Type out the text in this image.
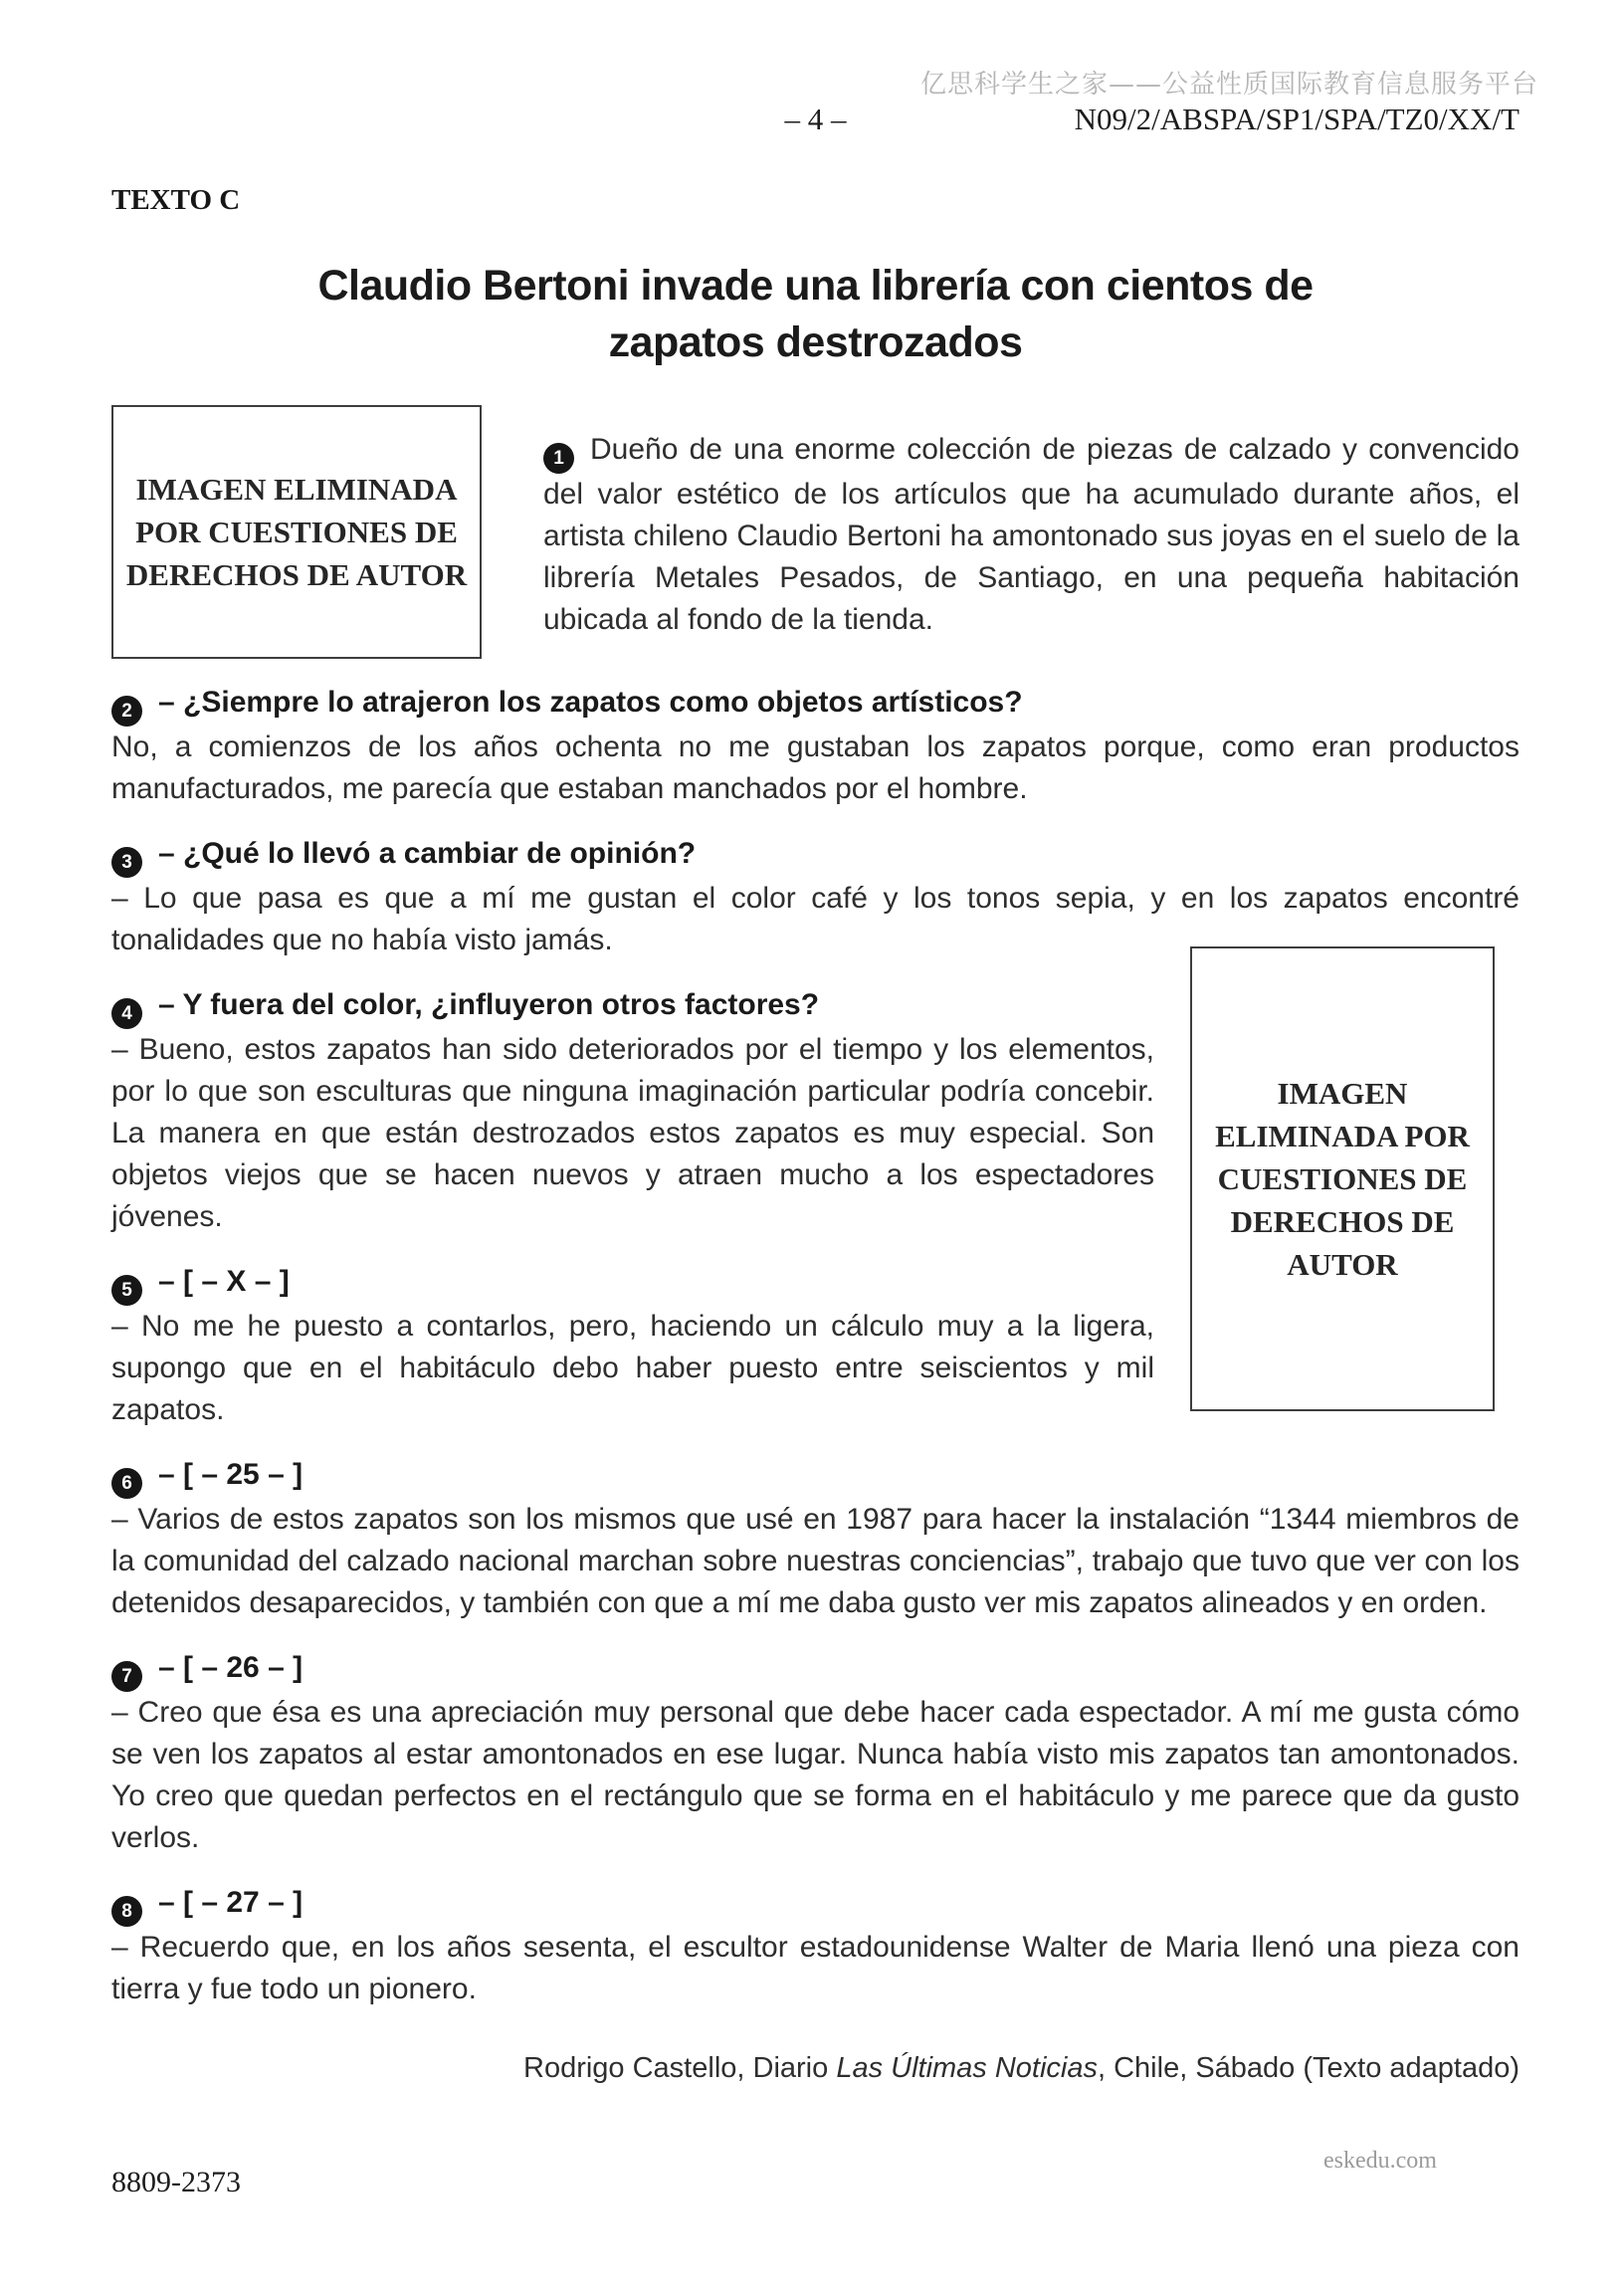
亿思科学生之家——公益性质国际教育信息服务平台
– 4 –	N09/2/ABSPA/SP1/SPA/TZ0/XX/T
TEXTO C
Claudio Bertoni invade una librería con cientos de
zapatos destrozados
IMAGEN ELIMINADA POR CUESTIONES DE DERECHOS DE AUTOR
1 Dueño de una enorme colección de piezas de calzado y convencido del valor estético de los artículos que ha acumulado durante años, el artista chileno Claudio Bertoni ha amontonado sus joyas en el suelo de la librería Metales Pesados, de Santiago, en una pequeña habitación ubicada al fondo de la tienda.
2 – ¿Siempre lo atrajeron los zapatos como objetos artísticos?
No, a comienzos de los años ochenta no me gustaban los zapatos porque, como eran productos manufacturados, me parecía que estaban manchados por el hombre.
3 – ¿Qué lo llevó a cambiar de opinión?
– Lo que pasa es que a mí me gustan el color café y los tonos sepia, y en los zapatos encontré tonalidades que no había visto jamás.
IMAGEN ELIMINADA POR CUESTIONES DE DERECHOS DE AUTOR
4 – Y fuera del color, ¿influyeron otros factores?
– Bueno, estos zapatos han sido deteriorados por el tiempo y los elementos, por lo que son esculturas que ninguna imaginación particular podría concebir. La manera en que están destrozados estos zapatos es muy especial. Son objetos viejos que se hacen nuevos y atraen mucho a los espectadores jóvenes.
5 – [ – X – ]
– No me he puesto a contarlos, pero, haciendo un cálculo muy a la ligera, supongo que en el habitáculo debo haber puesto entre seiscientos y mil zapatos.
6 – [ – 25 – ]
– Varios de estos zapatos son los mismos que usé en 1987 para hacer la instalación “1344 miembros de la comunidad del calzado nacional marchan sobre nuestras conciencias”, trabajo que tuvo que ver con los detenidos desaparecidos, y también con que a mí me daba gusto ver mis zapatos alineados y en orden.
7 – [ – 26 – ]
– Creo que ésa es una apreciación muy personal que debe hacer cada espectador. A mí me gusta cómo se ven los zapatos al estar amontonados en ese lugar. Nunca había visto mis zapatos tan amontonados. Yo creo que quedan perfectos en el rectángulo que se forma en el habitáculo y me parece que da gusto verlos.
8 – [ – 27 – ]
– Recuerdo que, en los años sesenta, el escultor estadounidense Walter de Maria llenó una pieza con tierra y fue todo un pionero.
Rodrigo Castello, Diario Las Últimas Noticias, Chile, Sábado (Texto adaptado)
8809-2373
eskedu.com
